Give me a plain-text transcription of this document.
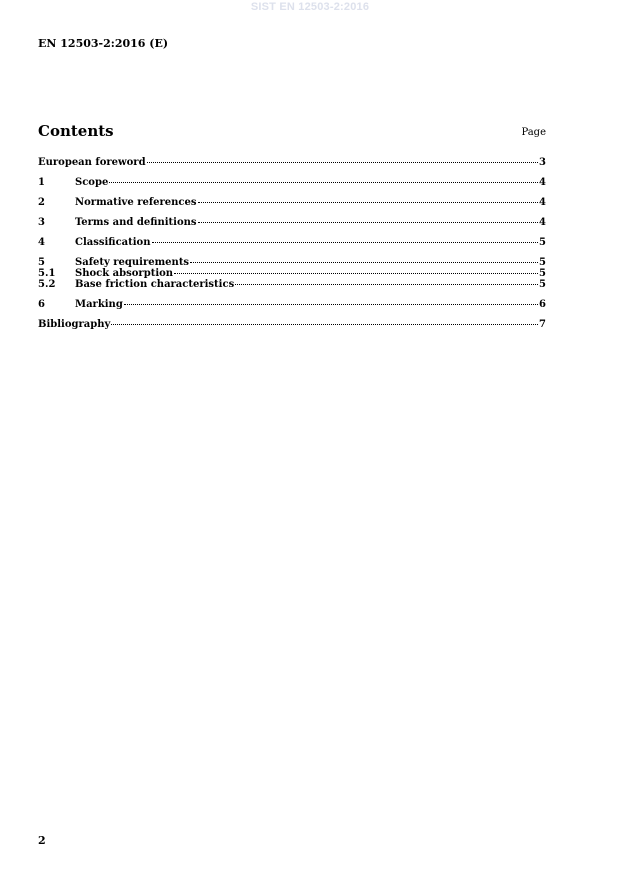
SIST EN 12503-2:2016
EN 12503-2:2016 (E)
Contents	Page
European foreword	3
1	Scope	4
2	Normative references	4
3	Terms and definitions	4
4	Classification	5
5	Safety requirements	5
5.1	Shock absorption	5
5.2	Base friction characteristics	5
6	Marking	6
Bibliography	7
2
